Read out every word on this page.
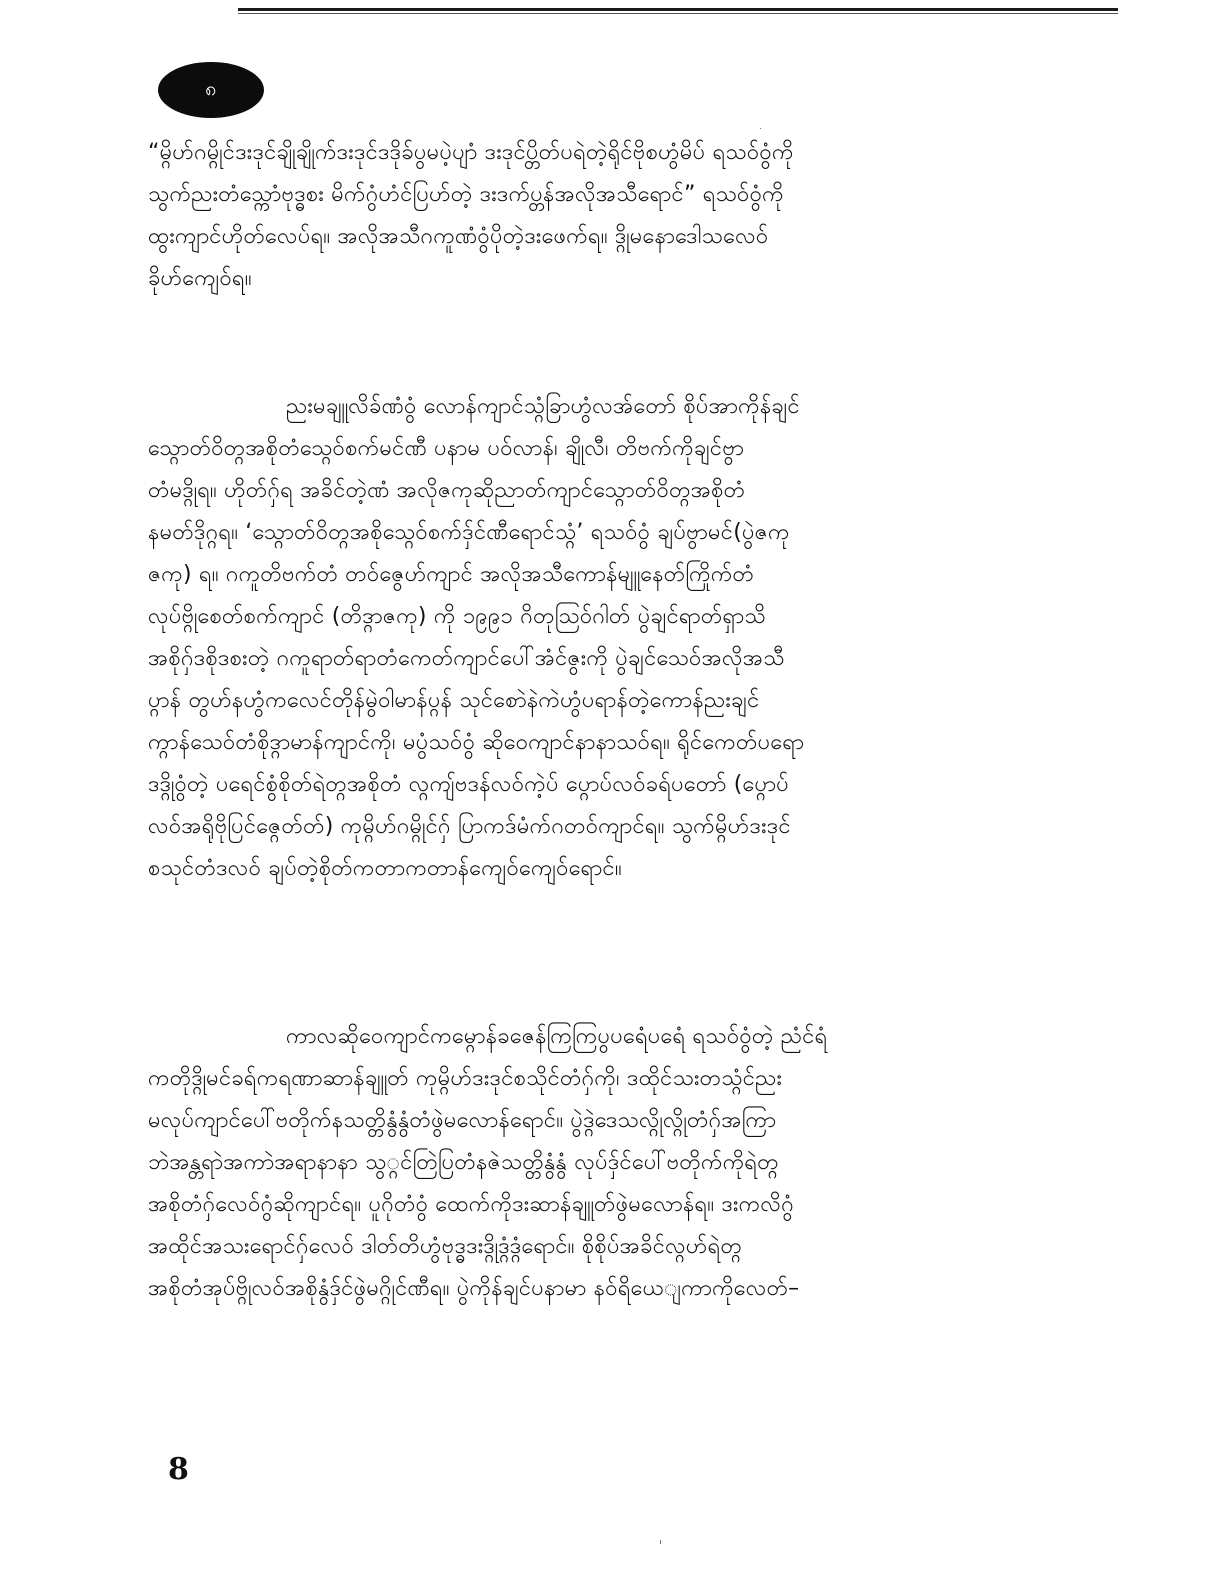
၈
“မ္ဂိဟ်ဂမ္ဂိုင်ဒးဒုင်ချိုချိုက်ဒးဒုင်ဒဒိုခ်ပွမပဲ့ပျာံ ဒးဒုင်ပ္တိတ်ပရဲတဲ့ရိုင်ဗိုစဟွံမိပ် ရသဝ်ဝွံကို
သွက်ညးတံသ္ကောံဗုဒ္ဓစး မိက်ဂွံဟံင်ပြဟ်တဲ့ ဒးဒက်ပ္တန်အလိုအသီရောင်” ရသဝ်ဝွံကို
ထွးကျာင်ဟိုတ်လေပ်ရ။ အလိုအသီဂကူဏံဝွံပိုတဲ့ဒးဖေက်ရ။ ဒ္ဂိုမနောဒေါသလေဝ်
ခိုဟ်ကျေဝ်ရ။
ညးမချူလိခ်ဏံဝွံ လောန်ကျာင်သ္ဂံခြာဟွံလအ်တော် စိုပ်အာကိုန်ချင်
သ္ဂောတ်ဝိတ္ဂအစိုတံသ္ဂေဝ်စက်မင်ဏီ ပနာမ ပဝ်လာန်၊ ချိုလီ၊ တိဗက်ကိုချင်ဗွာ
တံမဒ္ဂိုရ။ ဟိုတ်ဂှ်ရ အခိင်တဲ့ဏံ အလိုဇကုဆိုညာတ်ကျာင်သ္ဂောတ်ဝိတ္ဂအစိုတံ
နမတ်ဒိုဂ္ဂရ။ ‘သ္ဂောတ်ဝိတ္ဂအစိုသ္ဂေဝ်စက်ဒှ်င်ဏီရောင်သ္ဂံ’ ရသဝ်ဝွံ ချပ်ဗွာမင်(ပွဲဇကု
ဇကု) ရ။ ဂကူတိဗက်တံ တဝ်ဇွေဟ်ကျာင် အလိုအသီကောန်မျူနေတ်ကြိုက်တံ
လုပ်ဗ္ဂိုစေတ်စက်ကျာင် (တိဒ္ဂာဇကု) ကို ၁၉၉၁ ဂိတုသြဝ်ဂါတ် ပွဲချင်ရာတ်ရှာသိ
အစိုဂှ်ဒစိုဒစးတဲ့ ဂကူရာတ်ရာတံကေတ်ကျာင်ပေါ်အံင်ဇွးကို ပွဲချင်သေဝ်အလိုအသီ
ပ္ဂာန် တွဟ်နဟွံကလေင်တိုန်မွဲဝါမာန်ပ္ဂန် သုင်စောဲနဲကဲဟွံပရာန်တဲ့ကောန်ညးချင်
က္ဂာန်သေဝ်တံစိုဒ္ဂာမာန်ကျာင်ကို၊ မပွံသဝ်ဝွံ ဆိုဝေကျာင်နာနာသဝ်ရ။ ရိုင်ကေတ်ပရော
ဒဒ္ဂိုဝွံတဲ့ ပရေင်စွံစိုတ်ရဲတ္ဂအစိုတံ လ္ဂကျ်ဗဒန်လဝ်ကဲ့ပ် ပ္ဂောပ်လဝ်ခရ်ပတော် (ပ္ဂောပ်
လဝ်အရိုဗိုပြင်ဇ္ဂေတ်တ်) ကုမ္ဂိဟ်ဂမ္ဂိုင်ဂှ် ပြာကဒ်မံက်ဂတဝ်ကျာင်ရ။ သွက်မ္ဂိဟ်ဒးဒုင်
စသုင်တံဒလဝ် ချပ်တဲ့စိုတ်ကတာကတာန်ကျေဝ်ကျေဝ်ရောင်။
ကာလဆိုဝေကျာင်ကမ္ဂောန်ခဇေန်ကြကြပွပရေံပရေံ ရသဝ်ဝွံတဲ့ ညံင်ရံ
ကတိုဒ္ဂိုမင်ခရ်ကရဏာဆာန်ချူတ် ကုမ္ဂိဟ်ဒးဒုင်စသိုင်တံဂှ်ကို၊ ဒထိုင်သးတသ္ဂံင်ညး
မလုပ်ကျာင်ပေါ်ဗတိုက်နသတ္တိနွံနွံတံဖွဲမလောန်ရောင်။ ပွဲဒ္ဂဲဒေသလ္ဂိုလ္ဂိုတံဂှ်အကြာ
ဘဲအန္တရာဲအကာဲအရာနာနာ သွ္ဂင်တြဲပြတံနဇဲသတ္တိနွံနွံ လုပ်ဒှ်င်ပေါ်ဗတိုက်ကိုရဲတ္ဂ
အစိုတံဂှ်လေဝ်ဂွံဆိုကျာင်ရ။ ပူဂိုတံဝွံ ထေက်ကိုဒးဆာန်ချူတ်ဖွဲမလောန်ရ။ ဒးကလိဂွံ
အထိုင်အသးရောင်ဂှ်လေဝ် ဒါတ်တိဟွံဗုဒ္ဓဒးဒ္ဂိုဒ္ဂံဒ္ဂံရောင်။ စိုစိုပ်အခိင်လ္ဂဟ်ရဲတ္ဂ
အစိုတံအုပ်ဗ္ဂိုလဝ်အစိုနွံဒှ်င်ဖွဲမဂ္ဂိုင်ဏီရ။ ပွဲကိုန်ချင်ပနာမာ နဝ်ရိယေျကာကိုလေတ်–
8
